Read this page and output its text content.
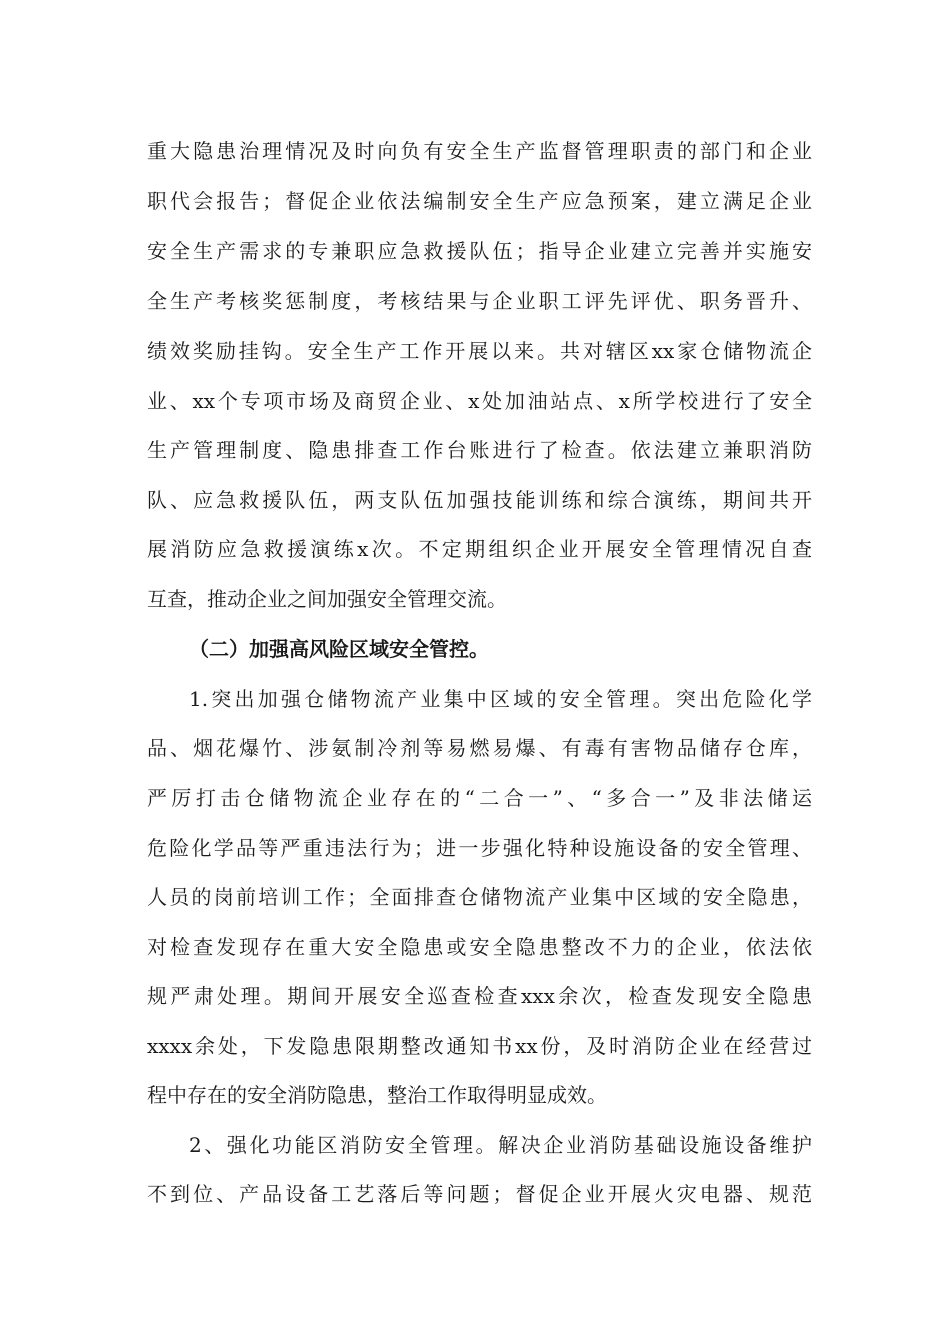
重大隐患治理情况及时向负有安全生产监督管理职责的部门和企业
职代会报告；督促企业依法编制安全生产应急预案，建立满足企业
安全生产需求的专兼职应急救援队伍；指导企业建立完善并实施安
全生产考核奖惩制度，考核结果与企业职工评先评优、职务晋升、
绩效奖励挂钩。安全生产工作开展以来。共对辖区xx家仓储物流企
业、xx个专项市场及商贸企业、x处加油站点、x所学校进行了安全
生产管理制度、隐患排查工作台账进行了检查。依法建立兼职消防
队、应急救援队伍，两支队伍加强技能训练和综合演练，期间共开
展消防应急救援演练x次。不定期组织企业开展安全管理情况自查
互查，推动企业之间加强安全管理交流。
（二）加强高风险区域安全管控。
1.突出加强仓储物流产业集中区域的安全管理。突出危险化学
品、烟花爆竹、涉氨制冷剂等易燃易爆、有毒有害物品储存仓库，
严厉打击仓储物流企业存在的“二合一”、“多合一”及非法储运
危险化学品等严重违法行为；进一步强化特种设施设备的安全管理、
人员的岗前培训工作；全面排查仓储物流产业集中区域的安全隐患，
对检查发现存在重大安全隐患或安全隐患整改不力的企业，依法依
规严肃处理。期间开展安全巡查检查xxx余次，检查发现安全隐患
xxxx余处，下发隐患限期整改通知书xx份，及时消防企业在经营过
程中存在的安全消防隐患，整治工作取得明显成效。
2、强化功能区消防安全管理。解决企业消防基础设施设备维护
不到位、产品设备工艺落后等问题；督促企业开展火灾电器、规范
